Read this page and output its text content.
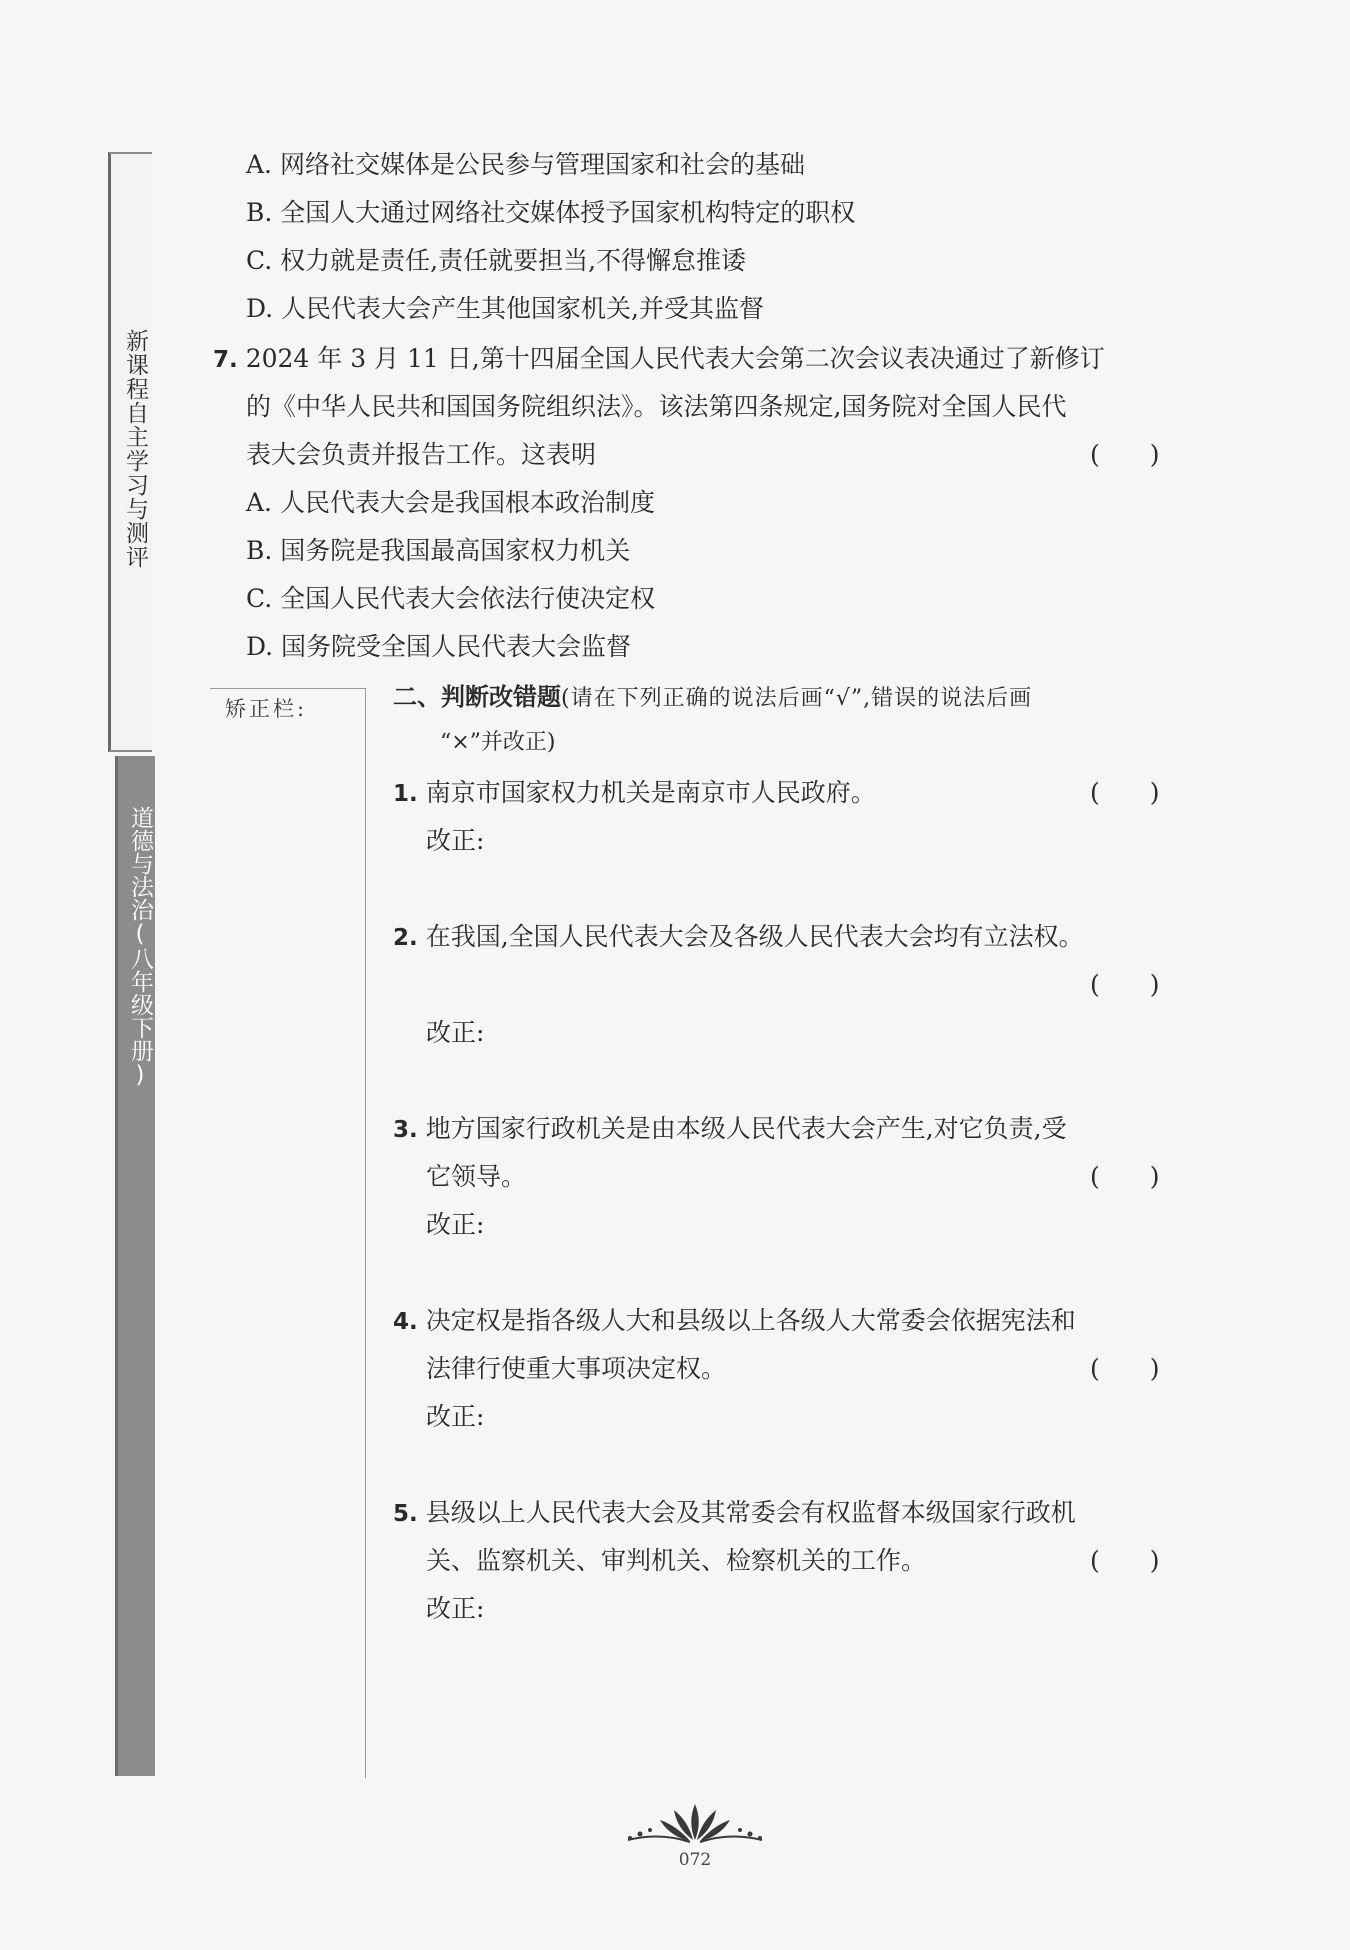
新课程自主学习与测评
道德与法治(八年级下册)
A. 网络社交媒体是公民参与管理国家和社会的基础
B. 全国人大通过网络社交媒体授予国家机构特定的职权
C. 权力就是责任,责任就要担当,不得懈怠推诿
D. 人民代表大会产生其他国家机关,并受其监督
7. 2024 年 3 月 11 日,第十四届全国人民代表大会第二次会议表决通过了新修订
的《中华人民共和国国务院组织法》。该法第四条规定,国务院对全国人民代
表大会负责并报告工作。这表明	(　　)
A. 人民代表大会是我国根本政治制度
B. 国务院是我国最高国家权力机关
C. 全国人民代表大会依法行使决定权
D. 国务院受全国人民代表大会监督
矫正栏:	二、判断改错题(请在下列正确的说法后画“√”,错误的说法后画
“×”并改正)
1. 南京市国家权力机关是南京市人民政府。	(　　)
改正:
2. 在我国,全国人民代表大会及各级人民代表大会均有立法权。
(　　)
改正:
3. 地方国家行政机关是由本级人民代表大会产生,对它负责,受
它领导。	(　　)
改正:
4. 决定权是指各级人大和县级以上各级人大常委会依据宪法和
法律行使重大事项决定权。	(　　)
改正:
5. 县级以上人民代表大会及其常委会有权监督本级国家行政机
关、监察机关、审判机关、检察机关的工作。	(　　)
改正:
072
